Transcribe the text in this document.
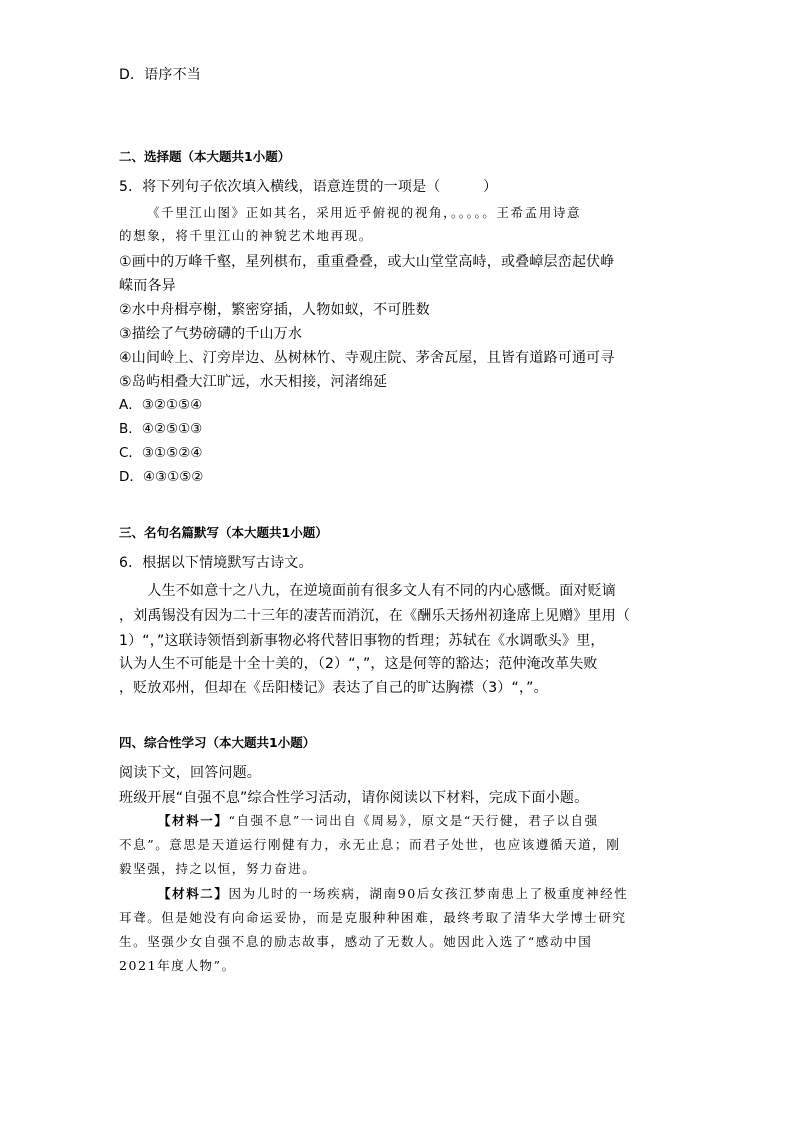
D．语序不当
二、选择题（本大题共1小题）
5．将下列句子依次填入横线，语意连贯的一项是（　　　）
《千里江山图》正如其名，采用近乎俯视的视角，。。。。。王希孟用诗意
的想象，将千里江山的神貌艺术地再现。
①画中的万峰千壑，星列棋布，重重叠叠，或大山堂堂高峙，或叠嶂层峦起伏峥
嵘而各异
②水中舟楫亭榭，繁密穿插，人物如蚁，不可胜数
③描绘了气势磅礴的千山万水
④山间岭上、汀旁岸边、丛树林竹、寺观庄院、茅舍瓦屋，且皆有道路可通可寻
⑤岛屿相叠大江旷远，水天相接，河渚绵延
A．③②①⑤④
B．④②⑤①③
C．③①⑤②④
D．④③①⑤②
三、名句名篇默写（本大题共1小题）
6．根据以下情境默写古诗文。
　　人生不如意十之八九，在逆境面前有很多文人有不同的内心感慨。面对贬谪
，刘禹锡没有因为二十三年的凄苦而消沉，在《酬乐天扬州初逢席上见赠》里用（
1）“，”这联诗领悟到新事物必将代替旧事物的哲理；苏轼在《水调歌头》里，
认为人生不可能是十全十美的，（2）“，”，这是何等的豁达；范仲淹改革失败
，贬放邓州，但却在《岳阳楼记》表达了自己的旷达胸襟（3）“，”。
四、综合性学习（本大题共1小题）
阅读下文，回答问题。
班级开展“自强不息”综合性学习活动，请你阅读以下材料，完成下面小题。
【材料一】“自强不息”一词出自《周易》，原文是“天行健，君子以自强
不息”。意思是天道运行刚健有力，永无止息；而君子处世，也应该遵循天道，刚
毅坚强，持之以恒，努力奋进。
【材料二】因为儿时的一场疾病，湖南90后女孩江梦南患上了极重度神经性
耳聋。但是她没有向命运妥协，而是克服种种困难，最终考取了清华大学博士研究
生。坚强少女自强不息的励志故事，感动了无数人。她因此入选了“感动中国
2021年度人物”。
